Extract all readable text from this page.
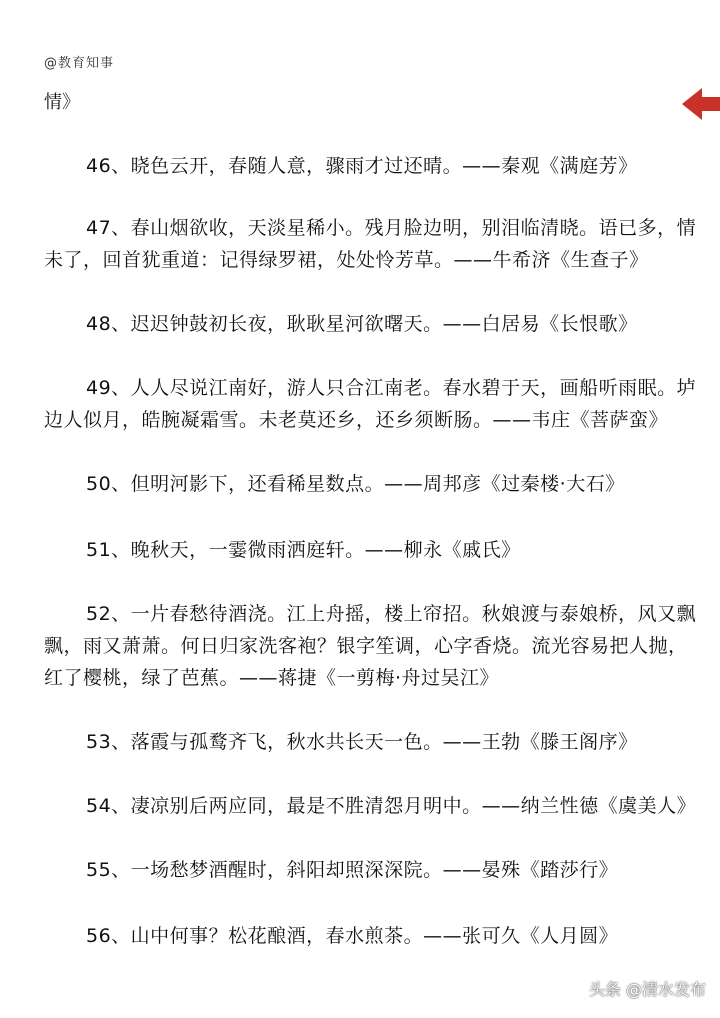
@教育知事
情》
46、晓色云开，春随人意，骤雨才过还晴。——秦观《满庭芳》
47、春山烟欲收，天淡星稀小。残月脸边明，别泪临清晓。语已多，情
未了，回首犹重道：记得绿罗裙，处处怜芳草。——牛希济《生查子》
48、迟迟钟鼓初长夜，耿耿星河欲曙天。——白居易《长恨歌》
49、人人尽说江南好，游人只合江南老。春水碧于天，画船听雨眠。垆
边人似月，皓腕凝霜雪。未老莫还乡，还乡须断肠。——韦庄《菩萨蛮》
50、但明河影下，还看稀星数点。——周邦彦《过秦楼·大石》
51、晚秋天，一霎微雨洒庭轩。——柳永《戚氏》
52、一片春愁待酒浇。江上舟摇，楼上帘招。秋娘渡与泰娘桥，风又飘
飘，雨又萧萧。何日归家洗客袍？银字笙调，心字香烧。流光容易把人抛，
红了樱桃，绿了芭蕉。——蒋捷《一剪梅·舟过吴江》
53、落霞与孤鹜齐飞，秋水共长天一色。——王勃《滕王阁序》
54、凄凉别后两应同，最是不胜清怨月明中。——纳兰性德《虞美人》
55、一场愁梦酒醒时，斜阳却照深深院。——晏殊《踏莎行》
56、山中何事？松花酿酒，春水煎茶。——张可久《人月圆》
头条 @清水发布
